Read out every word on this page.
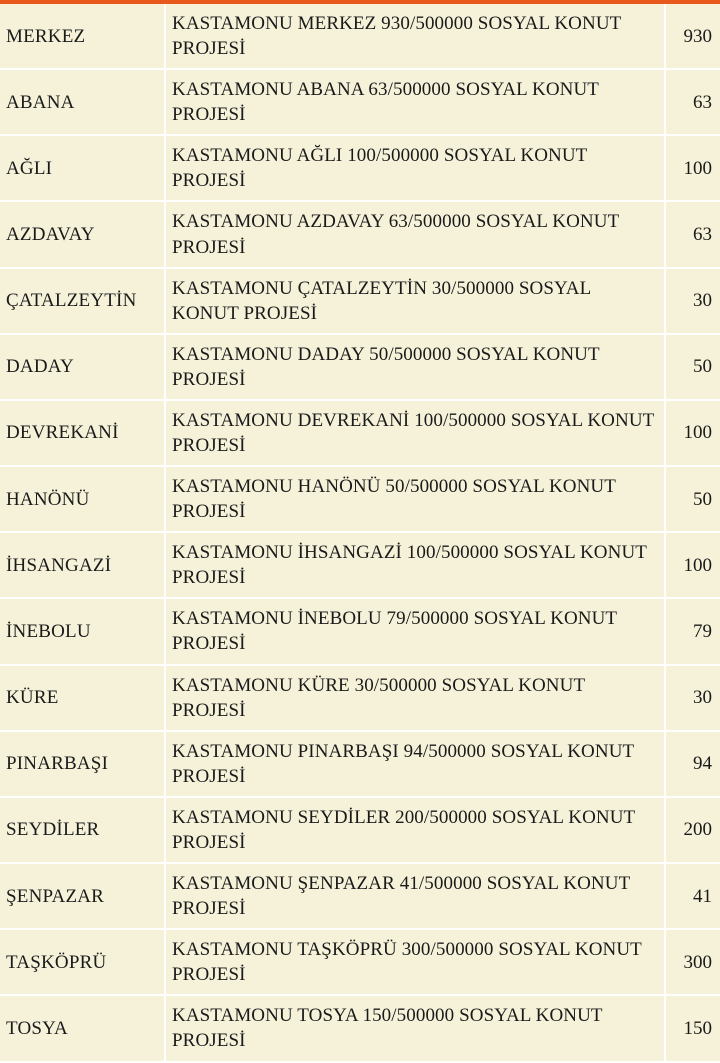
MERKEZ	KASTAMONU MERKEZ 930/500000 SOSYAL KONUT PROJESİ	930
ABANA	KASTAMONU ABANA 63/500000 SOSYAL KONUT PROJESİ	63
AĞLI	KASTAMONU AĞLI 100/500000 SOSYAL KONUT PROJESİ	100
AZDAVAY	KASTAMONU AZDAVAY 63/500000 SOSYAL KONUT PROJESİ	63
ÇATALZEYTİN	KASTAMONU ÇATALZEYTİN 30/500000 SOSYAL KONUT PROJESİ	30
DADAY	KASTAMONU DADAY 50/500000 SOSYAL KONUT PROJESİ	50
DEVREKANİ	KASTAMONU DEVREKANİ 100/500000 SOSYAL KONUT PROJESİ	100
HANÖNÜ	KASTAMONU HANÖNÜ 50/500000 SOSYAL KONUT PROJESİ	50
İHSANGAZİ	KASTAMONU İHSANGAZİ 100/500000 SOSYAL KONUT PROJESİ	100
İNEBOLU	KASTAMONU İNEBOLU 79/500000 SOSYAL KONUT PROJESİ	79
KÜRE	KASTAMONU KÜRE 30/500000 SOSYAL KONUT PROJESİ	30
PINARBAŞI	KASTAMONU PINARBAŞI 94/500000 SOSYAL KONUT PROJESİ	94
SEYDİLER	KASTAMONU SEYDİLER 200/500000 SOSYAL KONUT PROJESİ	200
ŞENPAZAR	KASTAMONU ŞENPAZAR 41/500000 SOSYAL KONUT PROJESİ	41
TAŞKÖPRÜ	KASTAMONU TAŞKÖPRÜ 300/500000 SOSYAL KONUT PROJESİ	300
TOSYA	KASTAMONU TOSYA 150/500000 SOSYAL KONUT PROJESİ	150
